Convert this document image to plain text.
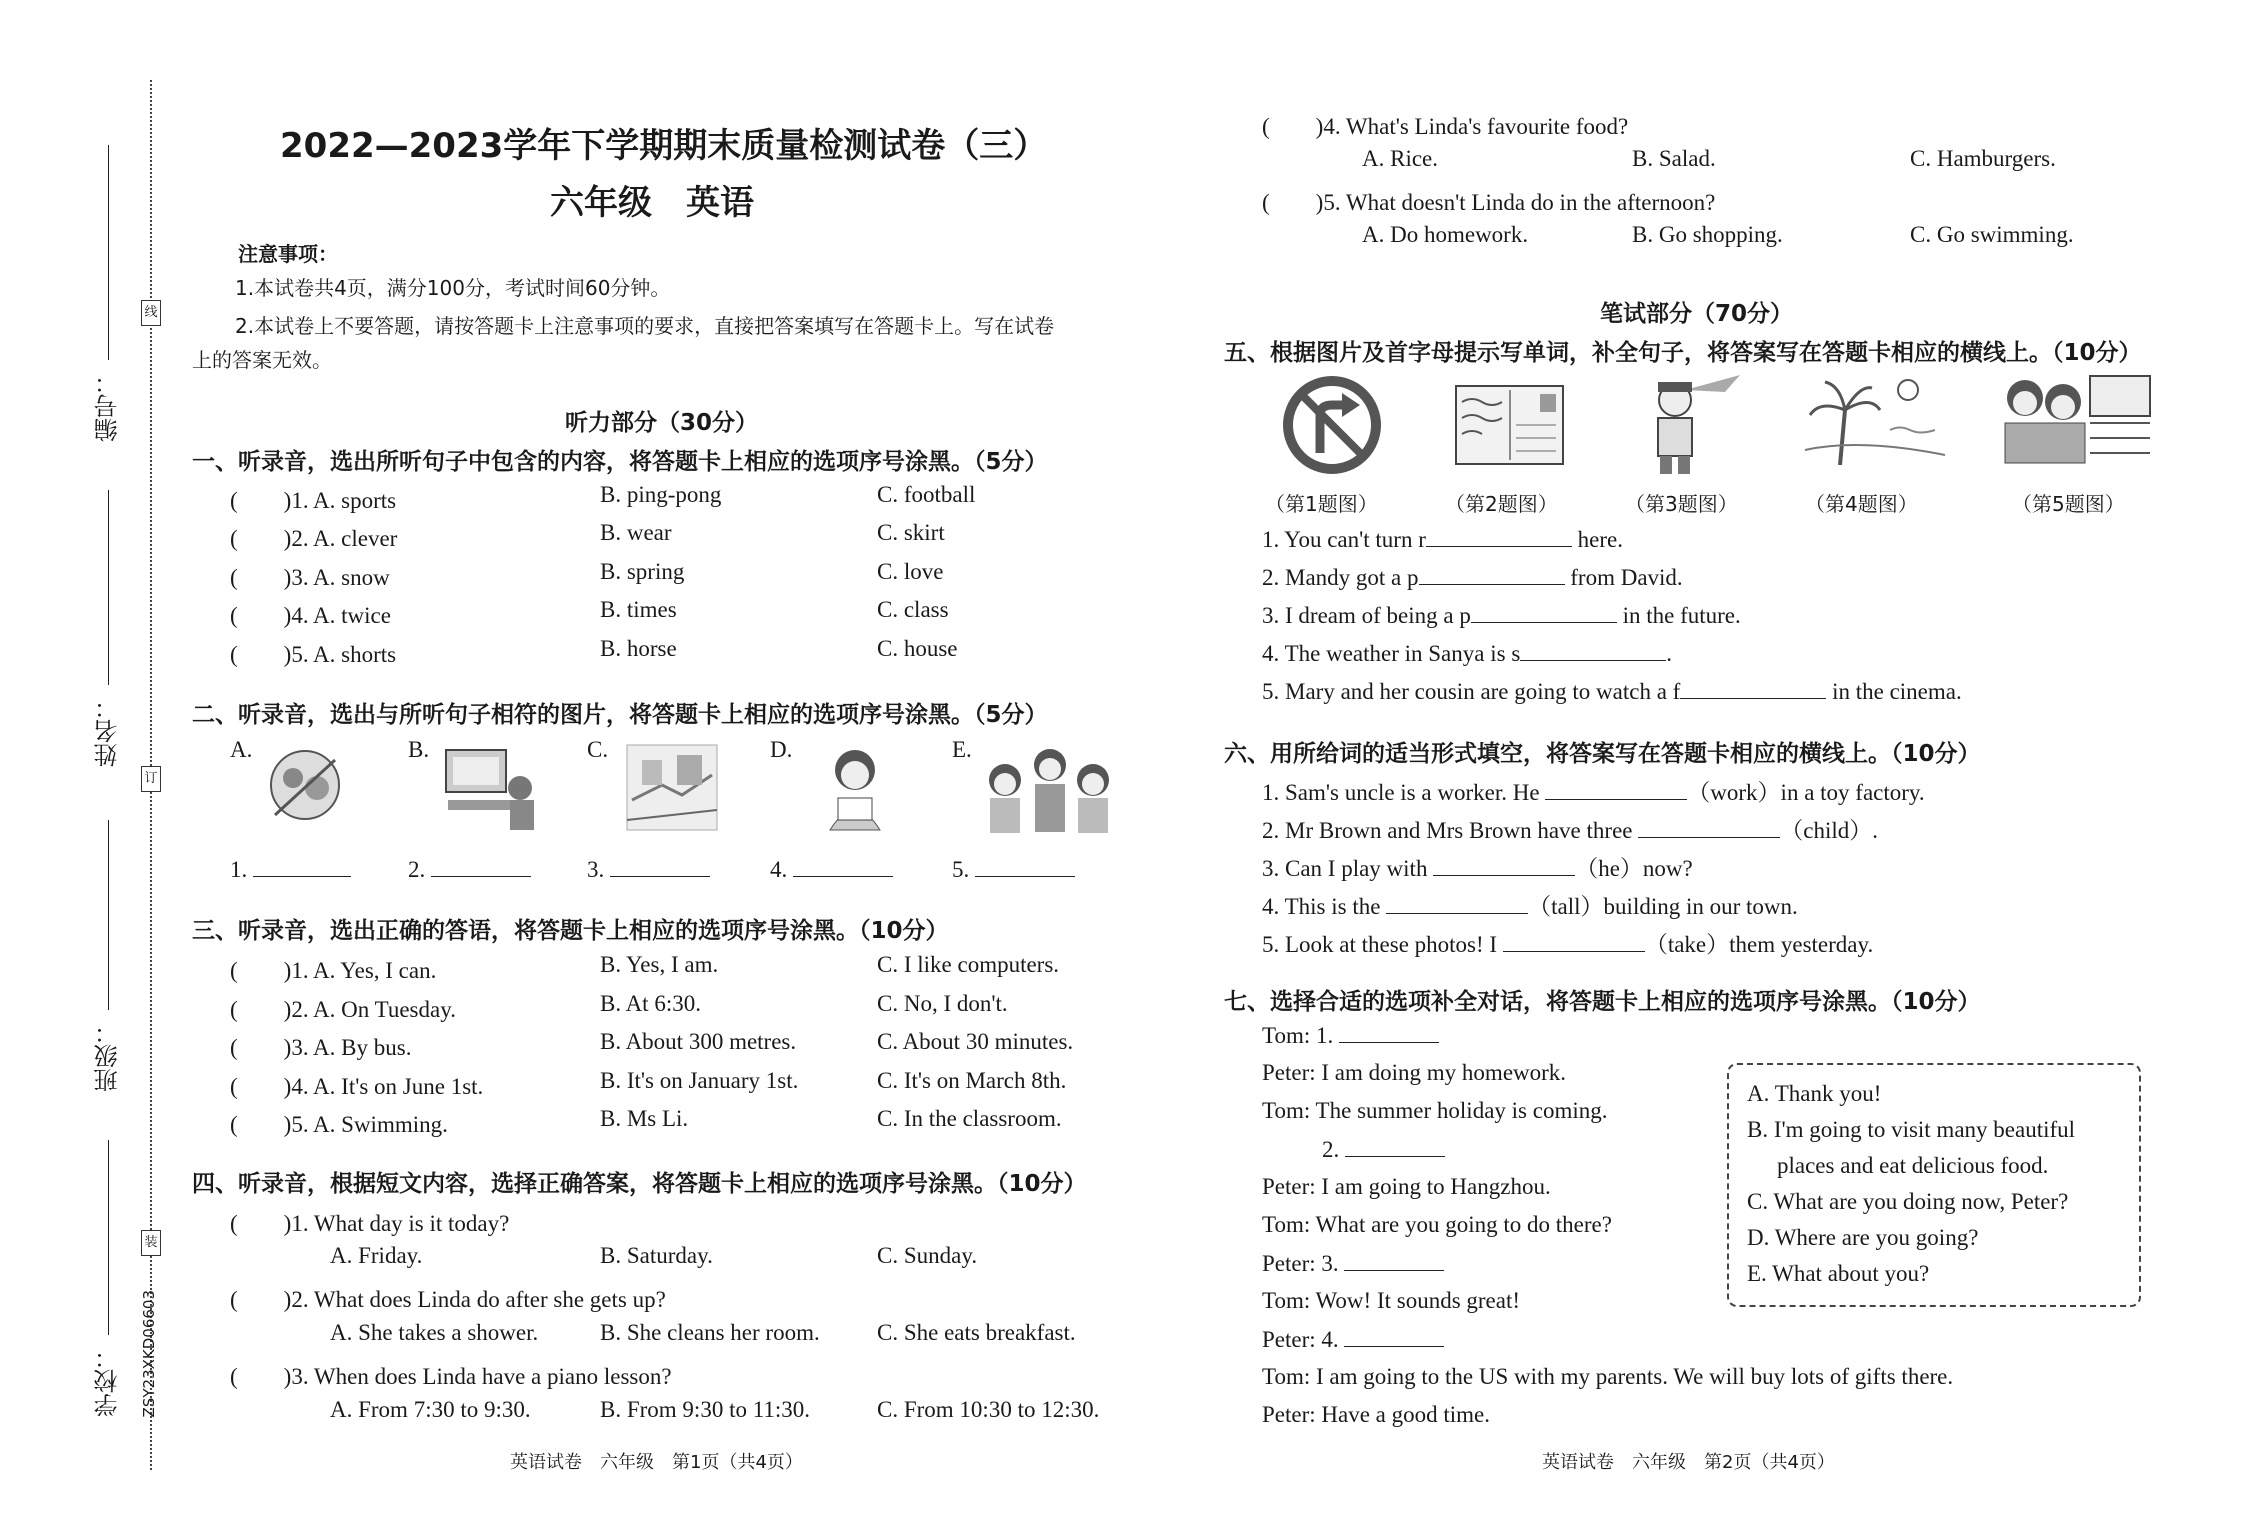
线
订
装
ZSY23XKD06603
学校：
班级：
姓名：
编号：
2022—2023学年下学期期末质量检测试卷（三）
六年级　英语
注意事项：
1.本试卷共4页，满分100分，考试时间60分钟。
2.本试卷上不要答题，请按答题卡上注意事项的要求，直接把答案填写在答题卡上。写在试卷
上的答案无效。
听力部分（30分）
一、听录音，选出所听句子中包含的内容，将答题卡上相应的选项序号涂黑。（5分）
(　　)1. A. sports	B. ping-pong	C. football
(　　)2. A. clever	B. wear	C. skirt
(　　)3. A. snow	B. spring	C. love
(　　)4. A. twice	B. times	C. class
(　　)5. A. shorts	B. horse	C. house
二、听录音，选出与所听句子相符的图片，将答题卡上相应的选项序号涂黑。（5分）
A.	B.	C.	D.	E.
1.	2.	3.	4.	5.
三、听录音，选出正确的答语，将答题卡上相应的选项序号涂黑。（10分）
(　　)1. A. Yes, I can.	B. Yes, I am.	C. I like computers.
(　　)2. A. On Tuesday.	B. At 6:30.	C. No, I don't.
(　　)3. A. By bus.	B. About 300 metres.	C. About 30 minutes.
(　　)4. A. It's on June 1st.	B. It's on January 1st.	C. It's on March 8th.
(　　)5. A. Swimming.	B. Ms Li.	C. In the classroom.
四、听录音，根据短文内容，选择正确答案，将答题卡上相应的选项序号涂黑。（10分）
(　　)1. What day is it today?
A. Friday.	B. Saturday.	C. Sunday.
(　　)2. What does Linda do after she gets up?
A. She takes a shower.	B. She cleans her room. C. She eats breakfast.
(　　)3. When does Linda have a piano lesson?
A. From 7:30 to 9:30.	B. From 9:30 to 11:30.	C. From 10:30 to 12:30.
英语试卷　六年级　第1页（共4页）
(　　)4. What's Linda's favourite food?
A. Rice.	B. Salad.	C. Hamburgers.
(　　)5. What doesn't Linda do in the afternoon?
A. Do homework.	B. Go shopping.	C. Go swimming.
笔试部分（70分）
五、根据图片及首字母提示写单词，补全句子，将答案写在答题卡相应的横线上。（10分）
（第1题图）	（第2题图）	（第3题图）	（第4题图）	（第5题图）
1. You can't turn r	here.
2. Mandy got a p	from David.
3. I dream of being a p	in the future.
4. The weather in Sanya is s	.
5. Mary and her cousin are going to watch a f	in the cinema.
六、用所给词的适当形式填空，将答案写在答题卡相应的横线上。（10分）
1. Sam's uncle is a worker. He	（work）in a toy factory.
2. Mr Brown and Mrs Brown have three	（child）.
3. Can I play with	（he）now?
4. This is the	（tall）building in our town.
5. Look at these photos! I	（take）them yesterday.
七、选择合适的选项补全对话，将答题卡上相应的选项序号涂黑。（10分）
Tom: 1.
Peter: I am doing my homework.
Tom: The summer holiday is coming.
2.
Peter: I am going to Hangzhou.
Tom: What are you going to do there?
Peter: 3.
Tom: Wow! It sounds great!
Peter: 4.
Tom: I am going to the US with my parents. We will buy lots of gifts there.
Peter: Have a good time.
A. Thank you!
B. I'm going to visit many beautiful
places and eat delicious food.
C. What are you doing now, Peter?
D. Where are you going?
E. What about you?
英语试卷　六年级　第2页（共4页）
